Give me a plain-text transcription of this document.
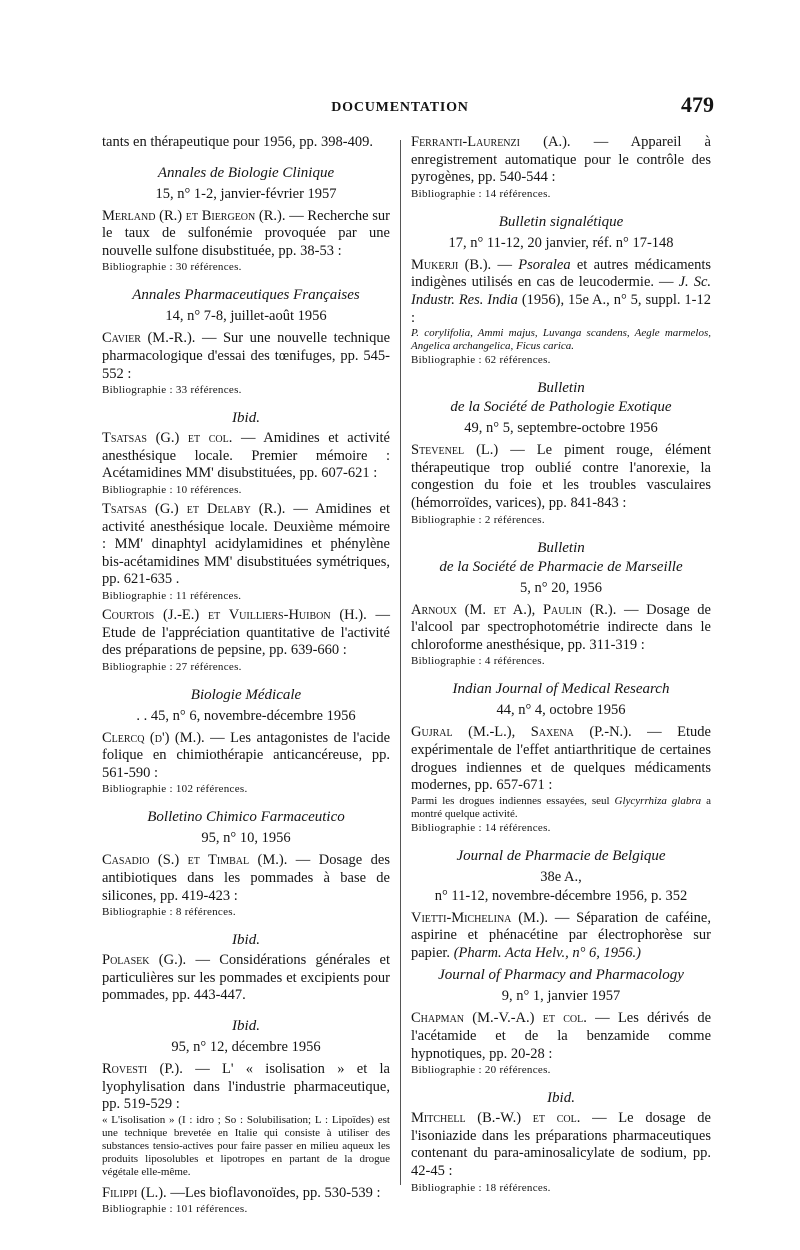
DOCUMENTATION	479

tants en thérapeutique pour 1956, pp. 398-409.

Annales de Biologie Clinique
15, n° 1-2, janvier-février 1957

Merland (R.) et Biergeon (R.). — Recherche sur le taux de sulfonémie provoquée par une nouvelle sulfone disubstituée, pp. 38-53 :

Bibliographie : 30 références.

Annales Pharmaceutiques Françaises
14, n° 7-8, juillet-août 1956

Cavier (M.-R.). — Sur une nouvelle technique pharmacologique d'essai des tœnifuges, pp. 545-552 :

Bibliographie : 33 références.

Ibid.

Tsatsas (G.) et col. — Amidines et activité anesthésique locale. Premier mémoire : Acétamidines MM' disubstituées, pp. 607-621 :

Bibliographie : 10 références.

Tsatsas (G.) et Delaby (R.). — Amidines et activité anesthésique locale. Deuxième mémoire : MM' dinaphtyl acidylamidines et phénylène bis-acétamidines MM' disubstituées symétriques, pp. 621-635 .

Bibliographie : 11 références.

Courtois (J.-E.) et Vuilliers-Huibon (H.). — Etude de l'appréciation quantitative de l'activité des préparations de pepsine, pp. 639-660 :

Bibliographie : 27 références.

Biologie Médicale
. . 45, n° 6, novembre-décembre 1956

Clercq (d') (M.). — Les antagonistes de l'acide folique en chimiothérapie anticancéreuse, pp. 561-590 :

Bibliographie : 102 références.

Bolletino Chimico Farmaceutico
95, n° 10, 1956

Casadio (S.) et Timbal (M.). — Dosage des antibiotiques dans les pommades à base de silicones, pp. 419-423 :

Bibliographie : 8 références.

Ibid.

Polasek (G.). — Considérations générales et particulières sur les pommades et excipients pour pommades, pp. 443-447.

Ibid.
95, n° 12, décembre 1956

Rovesti (P.). — L' « isolisation » et la lyophylisation dans l'industrie pharmaceutique, pp. 519-529 :

« L'isolisation » (I : idro ; So : Solubilisation; L : Lipoïdes) est une technique brevetée en Italie qui consiste à utiliser des substances tensio-actives pour faire passer en milieu aqueux les produits liposolubles et lipotropes en partant de la drogue végétale elle-même.

Filippi (L.). —Les bioflavonoïdes, pp. 530-539 :

Bibliographie : 101 références.

Ferranti-Laurenzi (A.). — Appareil à enregistrement automatique pour le contrôle des pyrogènes, pp. 540-544 :

Bibliographie : 14 références.

Bulletin signalétique
17, n° 11-12, 20 janvier, réf. n° 17-148

Mukerji (B.). — Psoralea et autres médicaments indigènes utilisés en cas de leucodermie. — J. Sc. Industr. Res. India (1956), 15e A., n° 5, suppl. 1-12 :

P. corylifolia, Ammi majus, Luvanga scandens, Aegle marmelos, Angelica archangelica, Ficus carica.

Bibliographie : 62 références.

Bulletin
de la Société de Pathologie Exotique
49, n° 5, septembre-octobre 1956

Stevenel (L.) — Le piment rouge, élément thérapeutique trop oublié contre l'anorexie, la congestion du foie et les troubles vasculaires (hémorroïdes, varices), pp. 841-843 :

Bibliographie : 2 références.

Bulletin
de la Société de Pharmacie de Marseille
5, n° 20, 1956

Arnoux (M. et A.), Paulin (R.). — Dosage de l'alcool par spectrophotométrie indirecte dans le chloroforme anesthésique, pp. 311-319 :

Bibliographie : 4 références.

Indian Journal of Medical Research
44, n° 4, octobre 1956

Gujral (M.-L.), Saxena (P.-N.). — Etude expérimentale de l'effet antiarthritique de certaines drogues indiennes et de quelques médicaments modernes, pp. 657-671 :

Parmi les drogues indiennes essayées, seul Glycyrrhiza glabra a montré quelque activité.

Bibliographie : 14 références.

Journal de Pharmacie de Belgique
38e A.,
n° 11-12, novembre-décembre 1956, p. 352

Vietti-Michelina (M.). — Séparation de caféine, aspirine et phénacétine par électrophorèse sur papier. (Pharm. Acta Helv., n° 6, 1956.)

Journal of Pharmacy and Pharmacology
9, n° 1, janvier 1957

Chapman (M.-V.-A.) et col. — Les dérivés de l'acétamide et de la benzamide comme hypnotiques, pp. 20-28 :

Bibliographie : 20 références.

Ibid.

Mitchell (B.-W.) et col. — Le dosage de l'isoniazide dans les préparations pharmaceutiques contenant du para-aminosalicylate de sodium, pp. 42-45 :

Bibliographie : 18 références.
